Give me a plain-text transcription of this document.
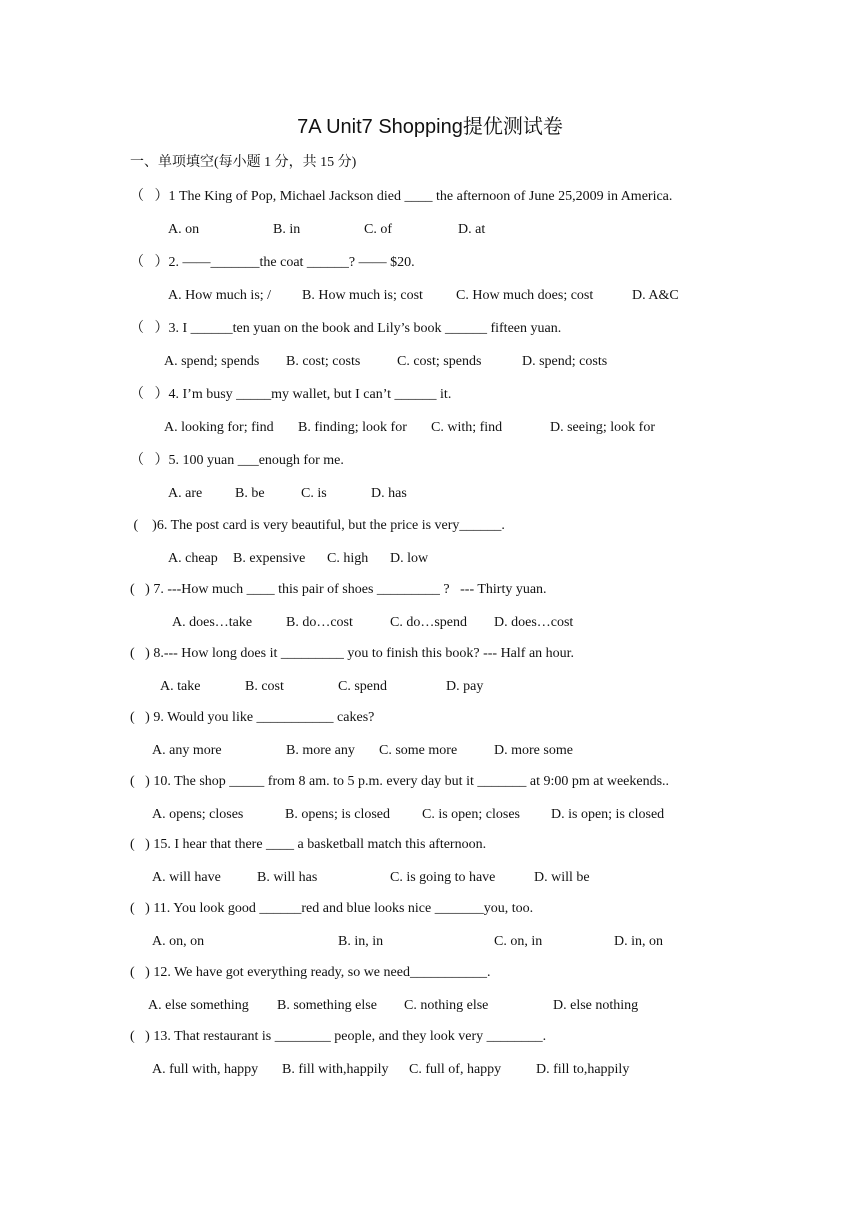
7A Unit7 Shopping提优测试卷
一、单项填空(每小题 1 分，共 15 分)
（   ）1 The King of Pop, Michael Jackson died ____ the afternoon of June 25,2009 in America.
A. on	B. in	C. of	D. at
（   ）2. ——_______the coat ______? —— $20.
A. How much is; / B. How much is; cost C. How much does; cost	D. A&C
（   ）3. I ______ten yuan on the book and Lily’s book ______ fifteen yuan.
A. spend; spends B. cost; costs	C. cost; spends	D. spend; costs
（   ）4. I’m busy _____my wallet, but I can’t ______ it.
A. looking for; find B. finding; look for C. with; find	D. seeing; look for
（   ）5. 100 yuan ___enough for me.
A. are B. be	C. is	D. has
(    )6. The post card is very beautiful, but the price is very______.
A. cheap B. expensive C. high D. low
(   ) 7. ---How much ____ this pair of shoes _________ ?   --- Thirty yuan.
A. does…take B. do…cost	C. do…spend D. does…cost
(   ) 8.--- How long does it _________ you to finish this book? --- Half an hour.
A. take	B. cost	C. spend	D. pay
(   ) 9. Would you like ___________ cakes?
A. any more	B. more any C. some more	D. more some
(   ) 10. The shop _____ from 8 am. to 5 p.m. every day but it _______ at 9:00 pm at weekends..
A. opens; closes	B. opens; is closed C. is open; closes D. is open; is closed
(   ) 15. I hear that there ____ a basketball match this afternoon.
A. will have	B. will has	C. is going to have	D. will be
(   ) 11. You look good ______red and blue looks nice _______you, too.
A. on, on	B. in, in	C. on, in	D. in, on
(   ) 12. We have got everything ready, so we need___________.
A. else something B. something else C. nothing else	D. else nothing
(   ) 13. That restaurant is ________ people, and they look very ________.
A. full with, happy B. fill with,happily C. full of, happy D. fill to,happily
